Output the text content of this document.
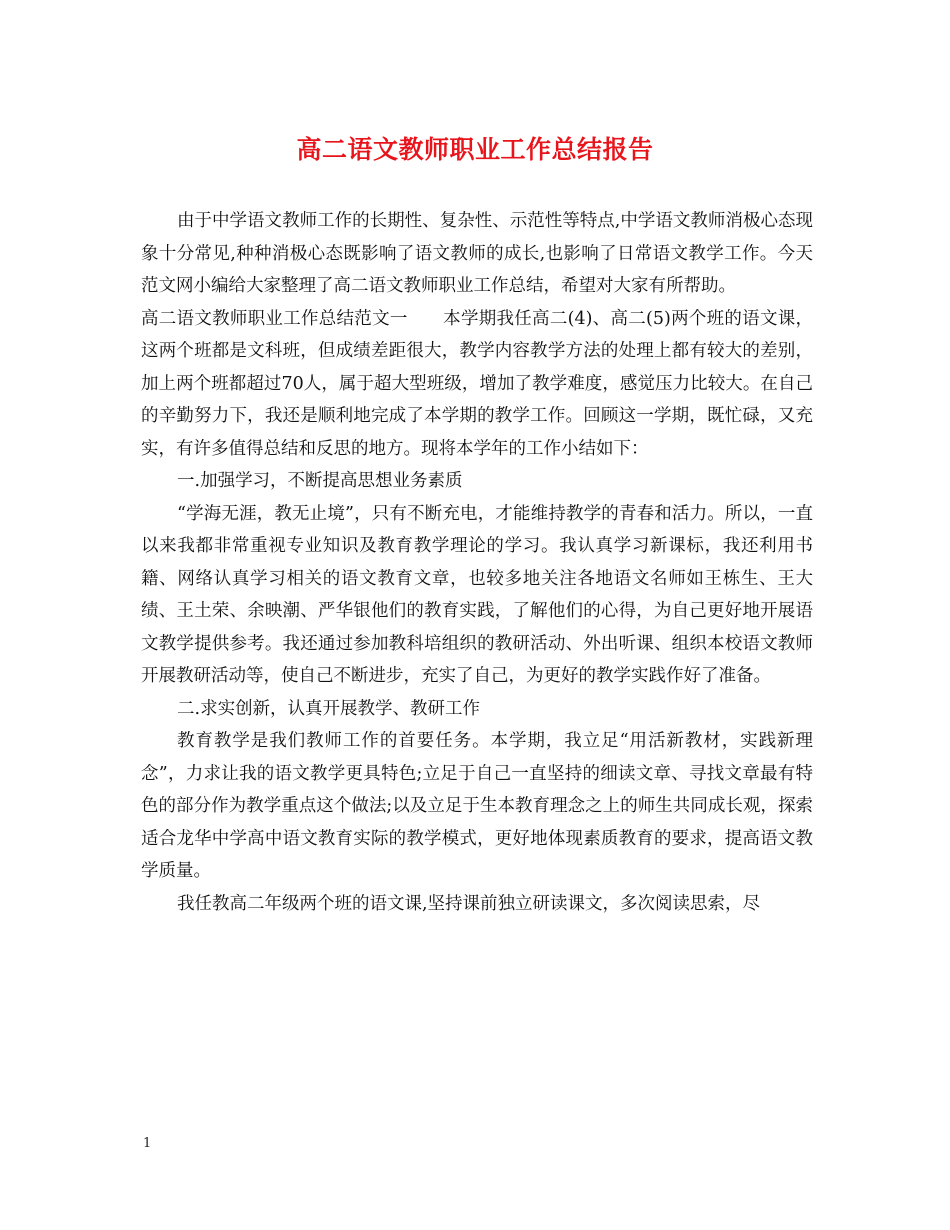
高二语文教师职业工作总结报告

由于中学语文教师工作的长期性、复杂性、示范性等特点,中学语文教师消极心态现象十分常见,种种消极心态既影响了语文教师的成长,也影响了日常语文教学工作。今天范文网小编给大家整理了高二语文教师职业工作总结，希望对大家有所帮助。

高二语文教师职业工作总结范文一　　本学期我任高二(4)、高二(5)两个班的语文课，这两个班都是文科班，但成绩差距很大，教学内容教学方法的处理上都有较大的差别，加上两个班都超过70人，属于超大型班级，增加了教学难度，感觉压力比较大。在自己的辛勤努力下，我还是顺利地完成了本学期的教学工作。回顾这一学期，既忙碌，又充实，有许多值得总结和反思的地方。现将本学年的工作小结如下：

一.加强学习，不断提高思想业务素质

“学海无涯，教无止境”，只有不断充电，才能维持教学的青春和活力。所以，一直以来我都非常重视专业知识及教育教学理论的学习。我认真学习新课标，我还利用书籍、网络认真学习相关的语文教育文章，也较多地关注各地语文名师如王栋生、王大绩、王土荣、余映潮、严华银他们的教育实践，了解他们的心得，为自己更好地开展语文教学提供参考。我还通过参加教科培组织的教研活动、外出听课、组织本校语文教师开展教研活动等，使自己不断进步，充实了自己，为更好的教学实践作好了准备。

二.求实创新，认真开展教学、教研工作

教育教学是我们教师工作的首要任务。本学期，我立足“用活新教材，实践新理念”，力求让我的语文教学更具特色;立足于自己一直坚持的细读文章、寻找文章最有特色的部分作为教学重点这个做法;以及立足于生本教育理念之上的师生共同成长观，探索适合龙华中学高中语文教育实际的教学模式，更好地体现素质教育的要求，提高语文教学质量。

我任教高二年级两个班的语文课,坚持课前独立研读课文，多次阅读思索，尽

1
